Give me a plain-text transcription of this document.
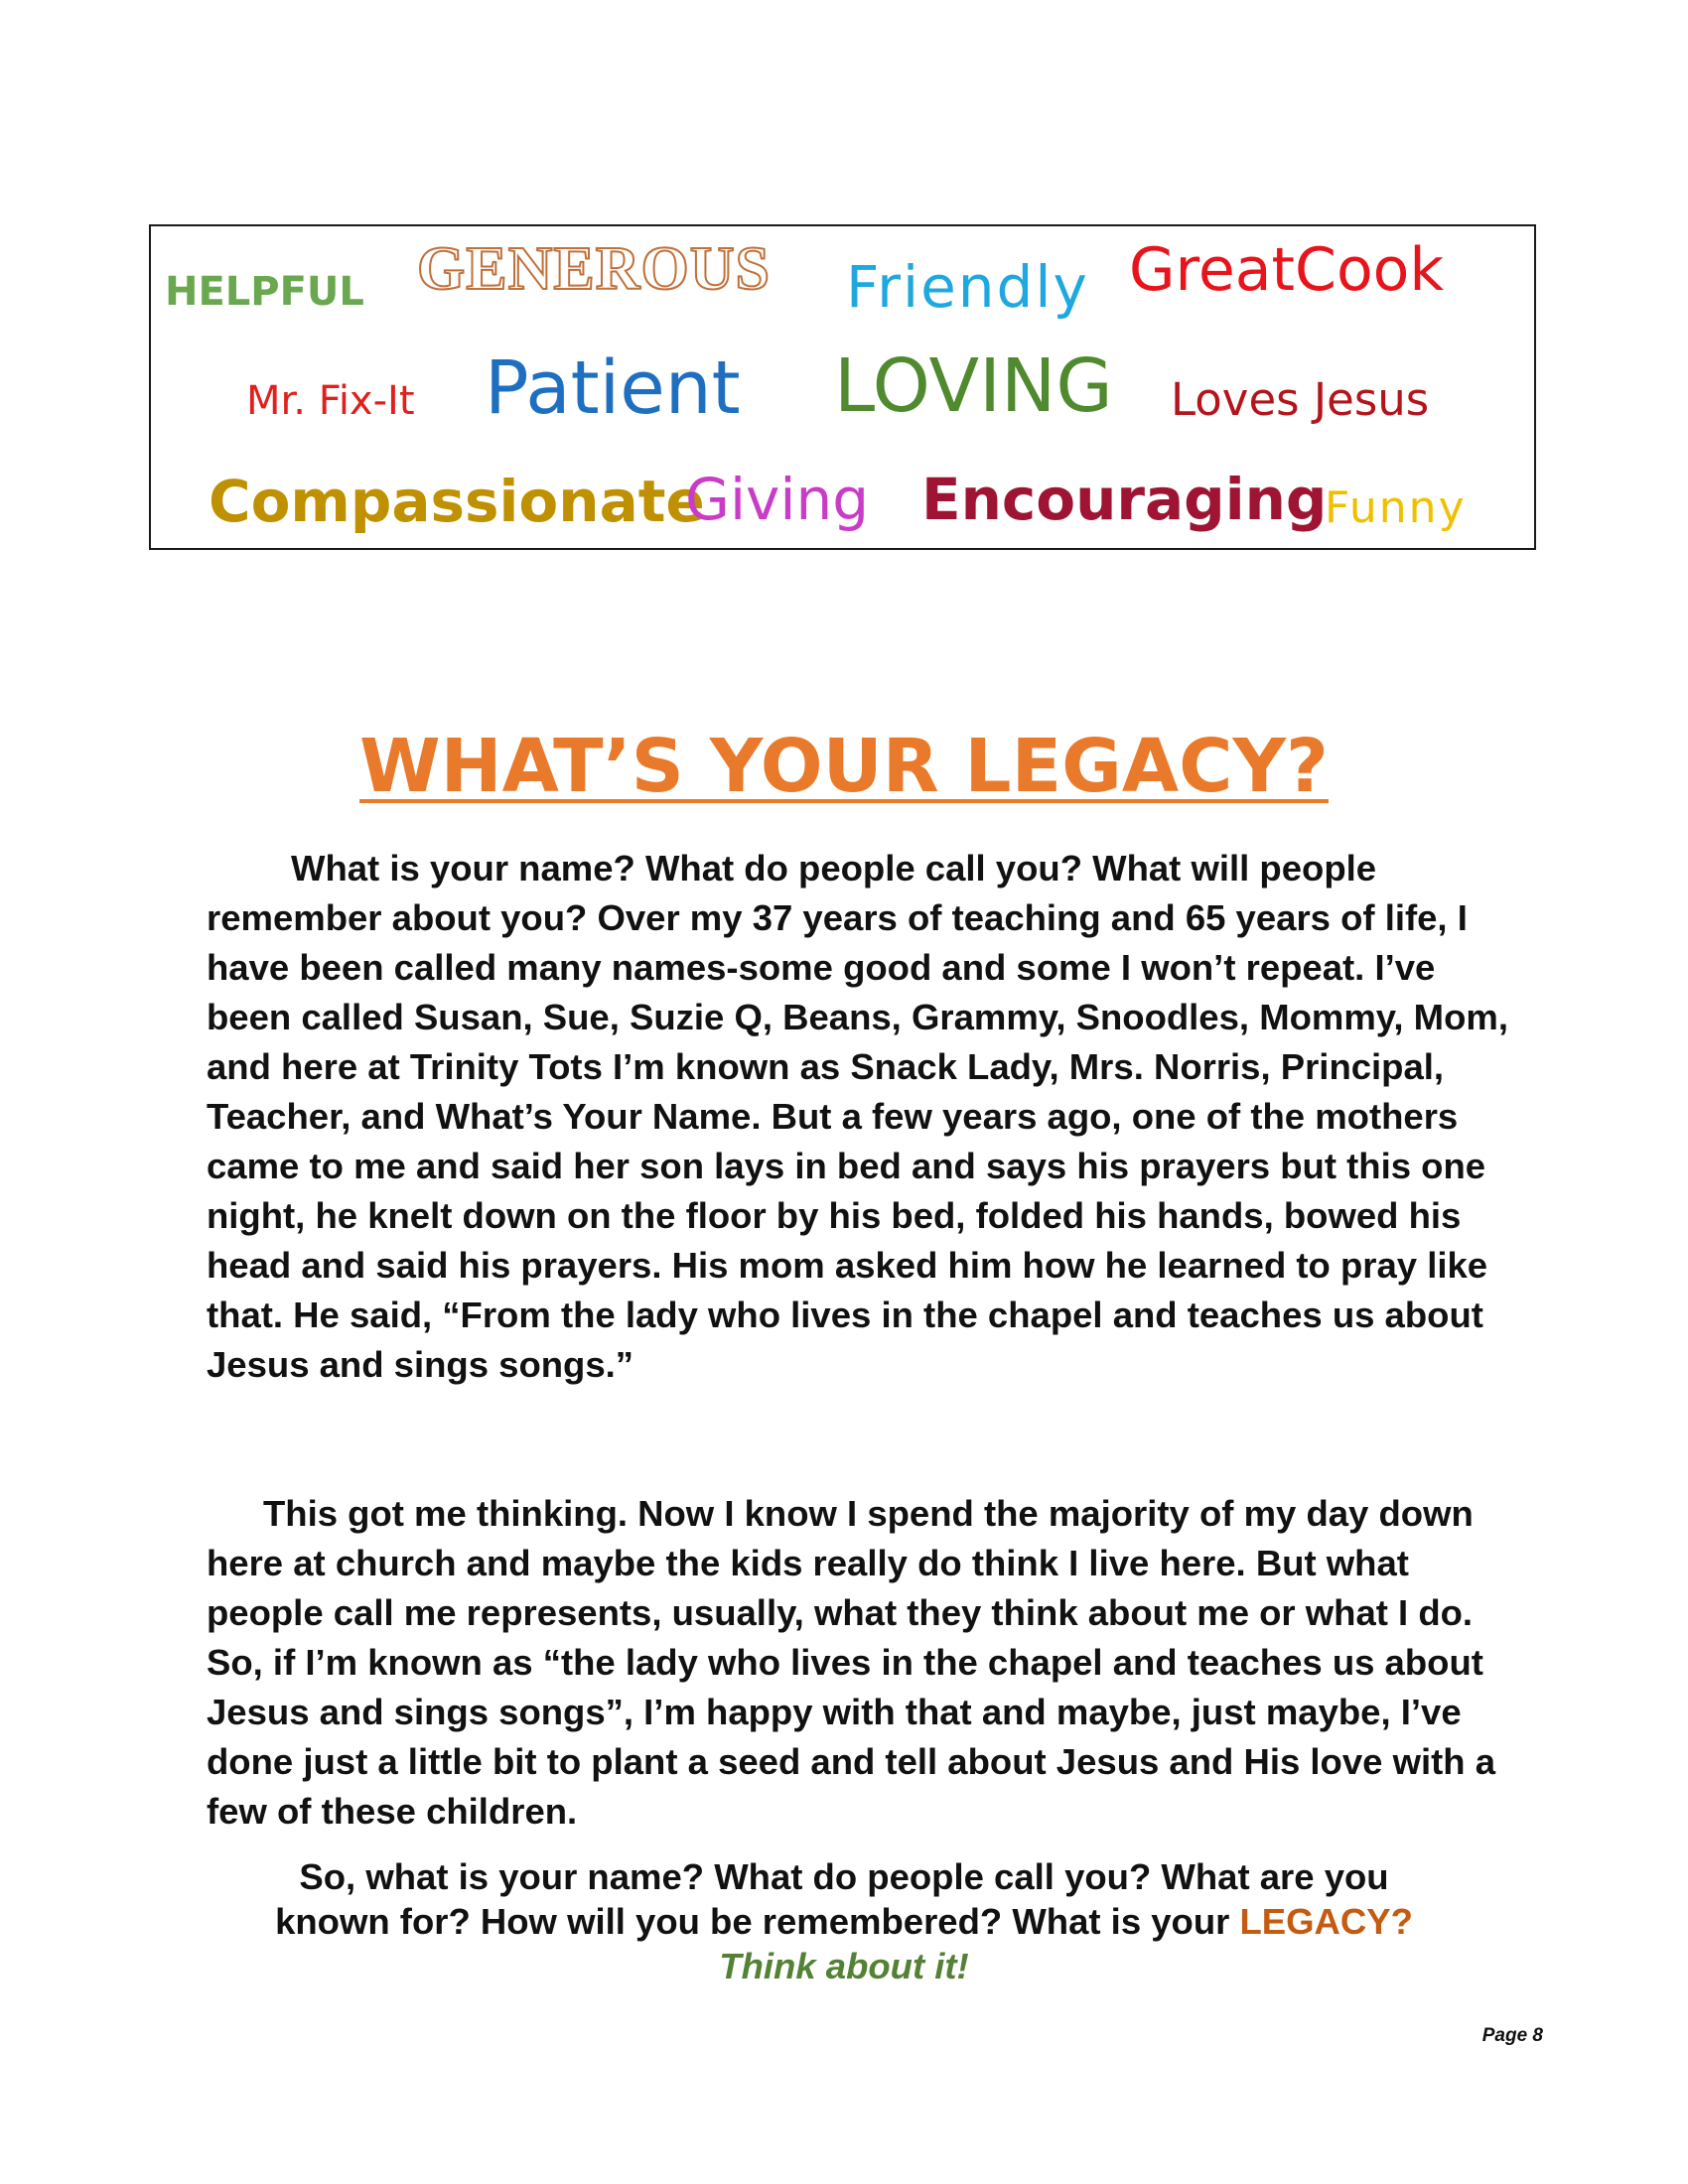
HELPFUL GENEROUS Friendly GreatCook
Mr. Fix-It Patient LOVING Loves Jesus
Compassionate
Giving Encouraging
Funny
WHAT’S YOUR LEGACY?

What is your name? What do people call you? What will people remember about you? Over my 37 years of teaching and 65 years of life, I have been called many names-some good and some I won’t repeat. I’ve been called Susan, Sue, Suzie Q, Beans, Grammy, Snoodles, Mommy, Mom, and here at Trinity Tots I’m known as Snack Lady, Mrs. Norris, Principal, Teacher, and What’s Your Name. But a few years ago, one of the mothers came to me and said her son lays in bed and says his prayers but this one night, he knelt down on the floor by his bed, folded his hands, bowed his head and said his prayers. His mom asked him how he learned to pray like that. He said, “From the lady who lives in the chapel and teaches us about Jesus and sings songs.”

This got me thinking. Now I know I spend the majority of my day down here at church and maybe the kids really do think I live here. But what people call me represents, usually, what they think about me or what I do. So, if I’m known as “the lady who lives in the chapel and teaches us about Jesus and sings songs”, I’m happy with that and maybe, just maybe, I’ve done just a little bit to plant a seed and tell about Jesus and His love with a few of these children.

So, what is your name? What do people call you? What are you
known for? How will you be remembered? What is your LEGACY?
Think about it!
Page 8
